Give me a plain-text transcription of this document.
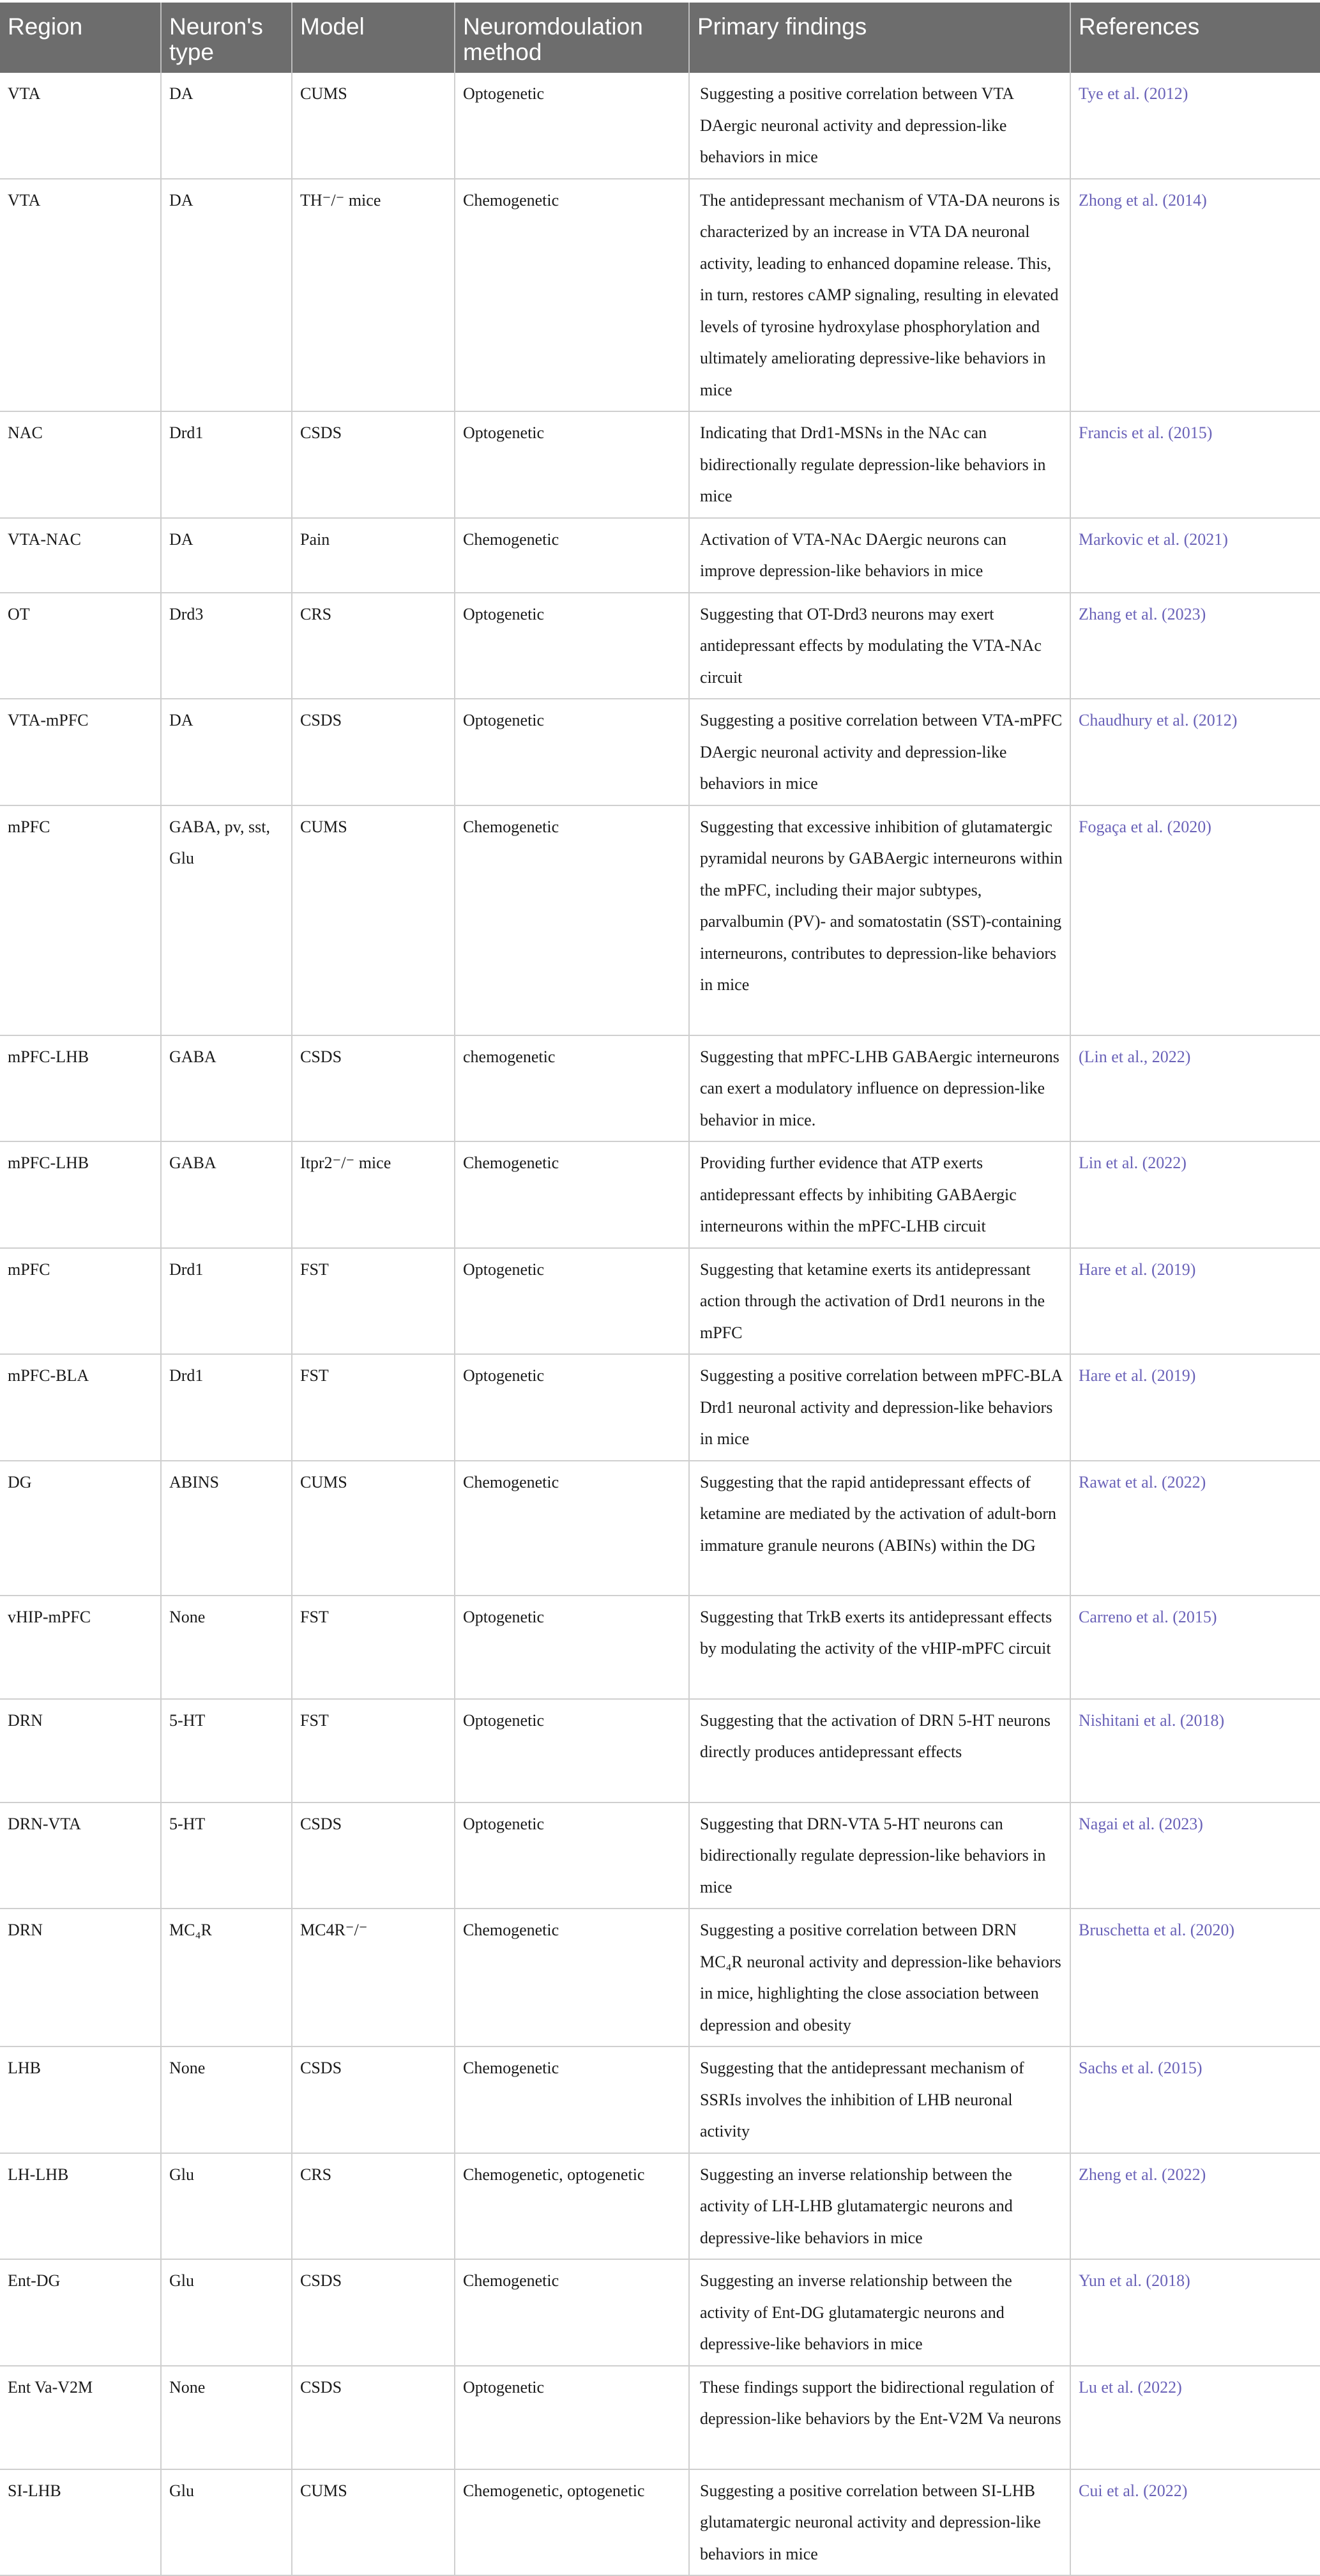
Region	Neuron's type	Model	Neuromdoulation method	Primary findings	References
VTA	DA	CUMS	Optogenetic	Suggesting a positive correlation between VTA DAergic neuronal activity and depression-like behaviors in mice	Tye et al. (2012)
VTA	DA	TH⁻/⁻ mice	Chemogenetic	The antidepressant mechanism of VTA-DA neurons is characterized by an increase in VTA DA neuronal activity, leading to enhanced dopamine release. This, in turn, restores cAMP signaling, resulting in elevated levels of tyrosine hydroxylase phosphorylation and ultimately ameliorating depressive-like behaviors in mice	Zhong et al. (2014)
NAC	Drd1	CSDS	Optogenetic	Indicating that Drd1-MSNs in the NAc can bidirectionally regulate depression-like behaviors in mice	Francis et al. (2015)
VTA-NAC	DA	Pain	Chemogenetic	Activation of VTA-NAc DAergic neurons can improve depression-like behaviors in mice	Markovic et al. (2021)
OT	Drd3	CRS	Optogenetic	Suggesting that OT-Drd3 neurons may exert antidepressant effects by modulating the VTA-NAc circuit	Zhang et al. (2023)
VTA-mPFC	DA	CSDS	Optogenetic	Suggesting a positive correlation between VTA-mPFC DAergic neuronal activity and depression-like behaviors in mice	Chaudhury et al. (2012)
mPFC	GABA, pv, sst, Glu	CUMS	Chemogenetic	Suggesting that excessive inhibition of glutamatergic pyramidal neurons by GABAergic interneurons within the mPFC, including their major subtypes, parvalbumin (PV)- and somatostatin (SST)-containing interneurons, contributes to depression-like behaviors in mice	Fogaça et al. (2020)
mPFC-LHB	GABA	CSDS	chemogenetic	Suggesting that mPFC-LHB GABAergic interneurons can exert a modulatory influence on depression-like behavior in mice.	(Lin et al., 2022)
mPFC-LHB	GABA	Itpr2⁻/⁻ mice	Chemogenetic	Providing further evidence that ATP exerts antidepressant effects by inhibiting GABAergic interneurons within the mPFC-LHB circuit	Lin et al. (2022)
mPFC	Drd1	FST	Optogenetic	Suggesting that ketamine exerts its antidepressant action through the activation of Drd1 neurons in the mPFC	Hare et al. (2019)
mPFC-BLA	Drd1	FST	Optogenetic	Suggesting a positive correlation between mPFC-BLA Drd1 neuronal activity and depression-like behaviors in mice	Hare et al. (2019)
DG	ABINS	CUMS	Chemogenetic	Suggesting that the rapid antidepressant effects of ketamine are mediated by the activation of adult-born immature granule neurons (ABINs) within the DG	Rawat et al. (2022)
vHIP-mPFC	None	FST	Optogenetic	Suggesting that TrkB exerts its antidepressant effects by modulating the activity of the vHIP-mPFC circuit	Carreno et al. (2015)
DRN	5-HT	FST	Optogenetic	Suggesting that the activation of DRN 5-HT neurons directly produces antidepressant effects	Nishitani et al. (2018)
DRN-VTA	5-HT	CSDS	Optogenetic	Suggesting that DRN-VTA 5-HT neurons can bidirectionally regulate depression-like behaviors in mice	Nagai et al. (2023)
DRN	MC₄R	MC4R⁻/⁻	Chemogenetic	Suggesting a positive correlation between DRN MC₄R neuronal activity and depression-like behaviors in mice, highlighting the close association between depression and obesity	Bruschetta et al. (2020)
LHB	None	CSDS	Chemogenetic	Suggesting that the antidepressant mechanism of SSRIs involves the inhibition of LHB neuronal activity	Sachs et al. (2015)
LH-LHB	Glu	CRS	Chemogenetic, optogenetic	Suggesting an inverse relationship between the activity of LH-LHB glutamatergic neurons and depressive-like behaviors in mice	Zheng et al. (2022)
Ent-DG	Glu	CSDS	Chemogenetic	Suggesting an inverse relationship between the activity of Ent-DG glutamatergic neurons and depressive-like behaviors in mice	Yun et al. (2018)
Ent Va-V2M	None	CSDS	Optogenetic	These findings support the bidirectional regulation of depression-like behaviors by the Ent-V2M Va neurons	Lu et al. (2022)
SI-LHB	Glu	CUMS	Chemogenetic, optogenetic	Suggesting a positive correlation between SI-LHB glutamatergic neuronal activity and depression-like behaviors in mice	Cui et al. (2022)
